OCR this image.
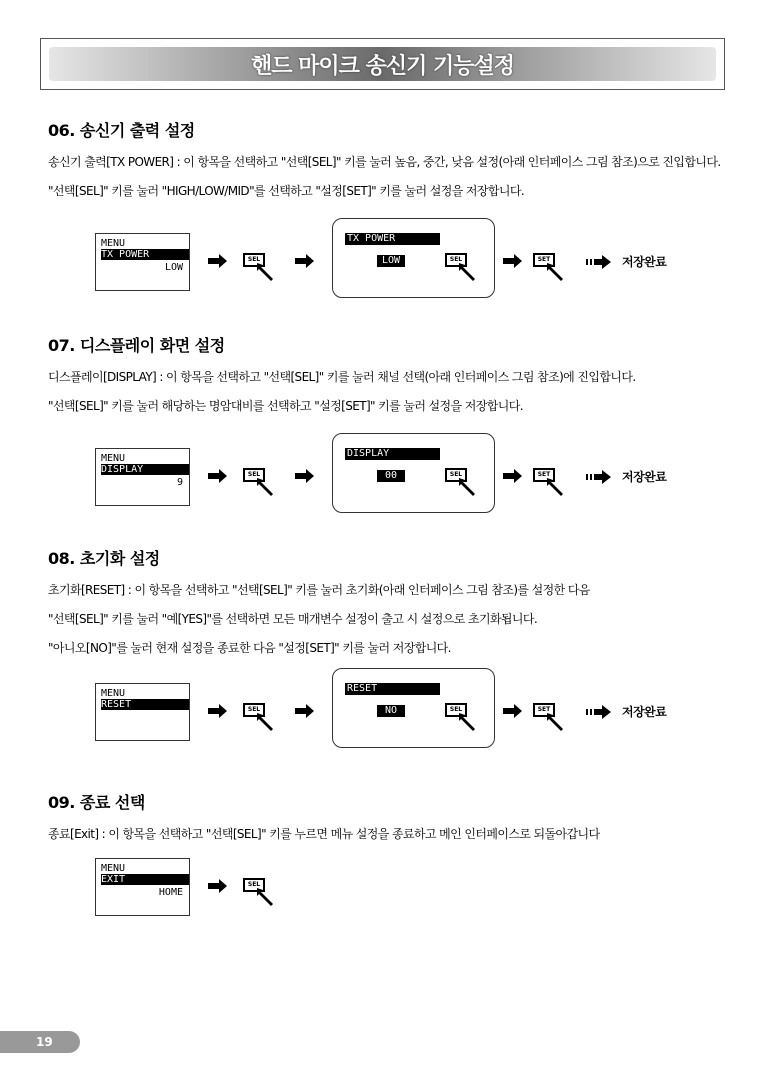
핸드 마이크 송신기 기능설정
06. 송신기 출력 설정
송신기 출력[TX POWER] : 이 항목을 선택하고 "선택[SEL]" 키를 눌러 높음, 중간, 낮음 설정(아래 인터페이스 그림 참조)으로 진입합니다.
"선택[SEL]" 키를 눌러 "HIGH/LOW/MID"를 선택하고 "설정[SET]" 키를 눌러 설정을 저장합니다.
07. 디스플레이 화면 설정
디스플레이[DISPLAY] : 이 항목을 선택하고 "선택[SEL]" 키를 눌러 채널 선택(아래 인터페이스 그림 참조)에 진입합니다.
"선택[SEL]" 키를 눌러 해당하는 명암대비를 선택하고 "설정[SET]" 키를 눌러 설정을 저장합니다.
08. 초기화 설정
초기화[RESET] : 이 항목을 선택하고 "선택[SEL]" 키를 눌러 초기화(아래 인터페이스 그림 참조)를 설정한 다음
"선택[SEL]" 키를 눌러 "예[YES]"를 선택하면 모든 매개변수 설정이 출고 시 설정으로 초기화됩니다.
"아니오[NO]"를 눌러 현재 설정을 종료한 다음 "설정[SET]" 키를 눌러 저장합니다.
09. 종료 선택
종료[Exit] : 이 항목을 선택하고 "선택[SEL]" 키를 누르면 메뉴 설정을 종료하고 메인 인터페이스로 되돌아갑니다
MENU
TX POWER
LOW
SEL
TX POWER
LOW	SEL	SET	저장완료
MENU
DISPLAY
9
SEL
DISPLAY
00	SEL	SET	저장완료
MENU
RESET	SEL
RESET
NO	SEL	SET	저장완료
MENU
EXIT
HOME
SEL
19
